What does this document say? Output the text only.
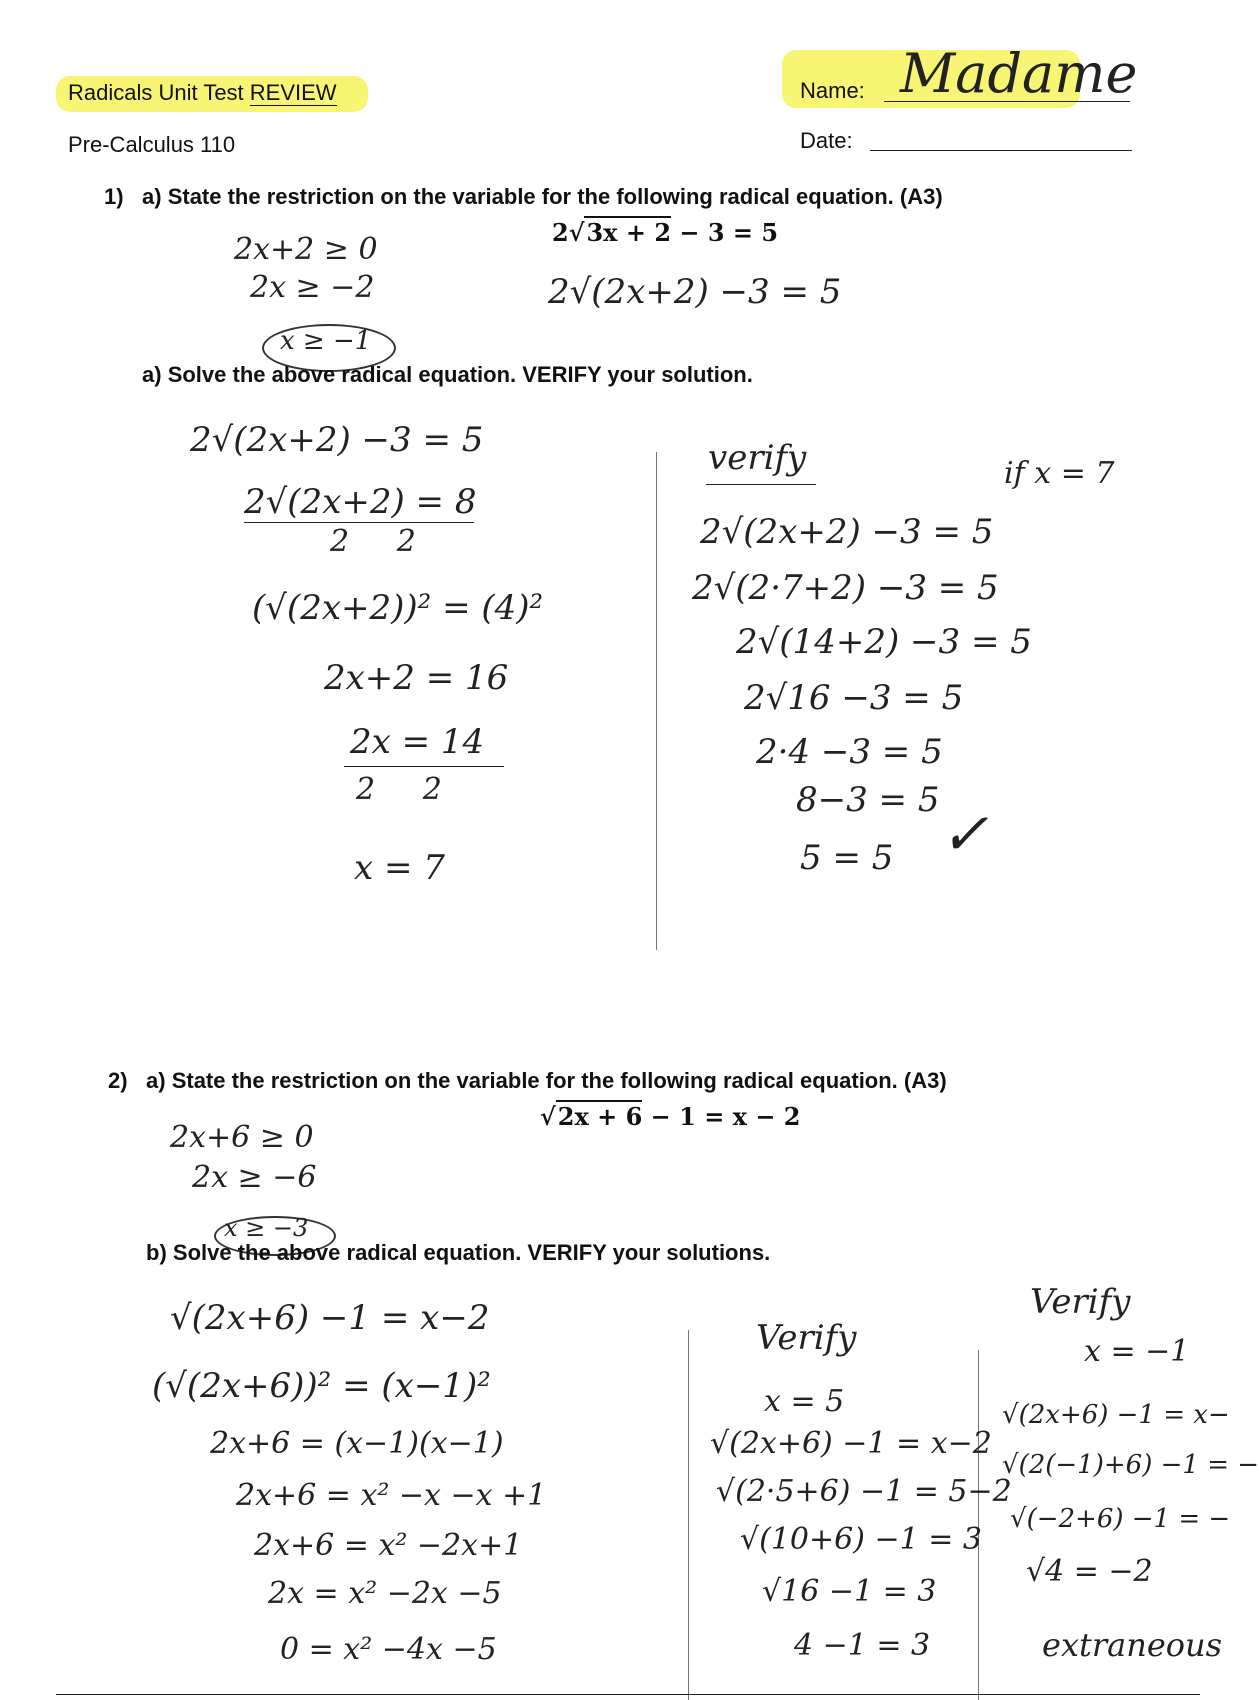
Radicals Unit Test REVIEW
Pre-Calculus 110
Name: Madame
Date:
1) a) State the restriction on the variable for the following radical equation. (A3)
2√3x + 2 − 3 = 5
2x+2 ≥ 0
2x ≥ −2
x ≥ −1
2√(2x+2) −3 = 5
a) Solve the above radical equation. VERIFY your solution.
2√(2x+2) −3 = 5
2√(2x+2) = 8
2     2
(√(2x+2))² = (4)²
2x+2 = 16
2x = 14
2     2
x = 7
verify	if x = 7
2√(2x+2) −3 = 5
2√(2·7+2) −3 = 5
2√(14+2) −3 = 5
2√16 −3 = 5
2·4 −3 = 5
8−3 = 5
5 = 5 ✓
2) a) State the restriction on the variable for the following radical equation. (A3)
√2x + 6 − 1 = x − 2
2x+6 ≥ 0
2x ≥ −6
x ≥ −3
b) Solve the above radical equation. VERIFY your solutions.
√(2x+6) −1 = x−2
(√(2x+6))² = (x−1)²
2x+6 = (x−1)(x−1)
2x+6 = x² −x −x +1
2x+6 = x² −2x+1
2x = x² −2x −5
0 = x² −4x −5
Verify
x = 5
√(2x+6) −1 = x−2
√(2·5+6) −1 = 5−2
√(10+6) −1 = 3
√16 −1 = 3
4 −1 = 3
Verify
x = −1
√(2x+6) −1 = x−
√(2(−1)+6) −1 = −
√(−2+6) −1 = −
√4 = −2
extraneous
